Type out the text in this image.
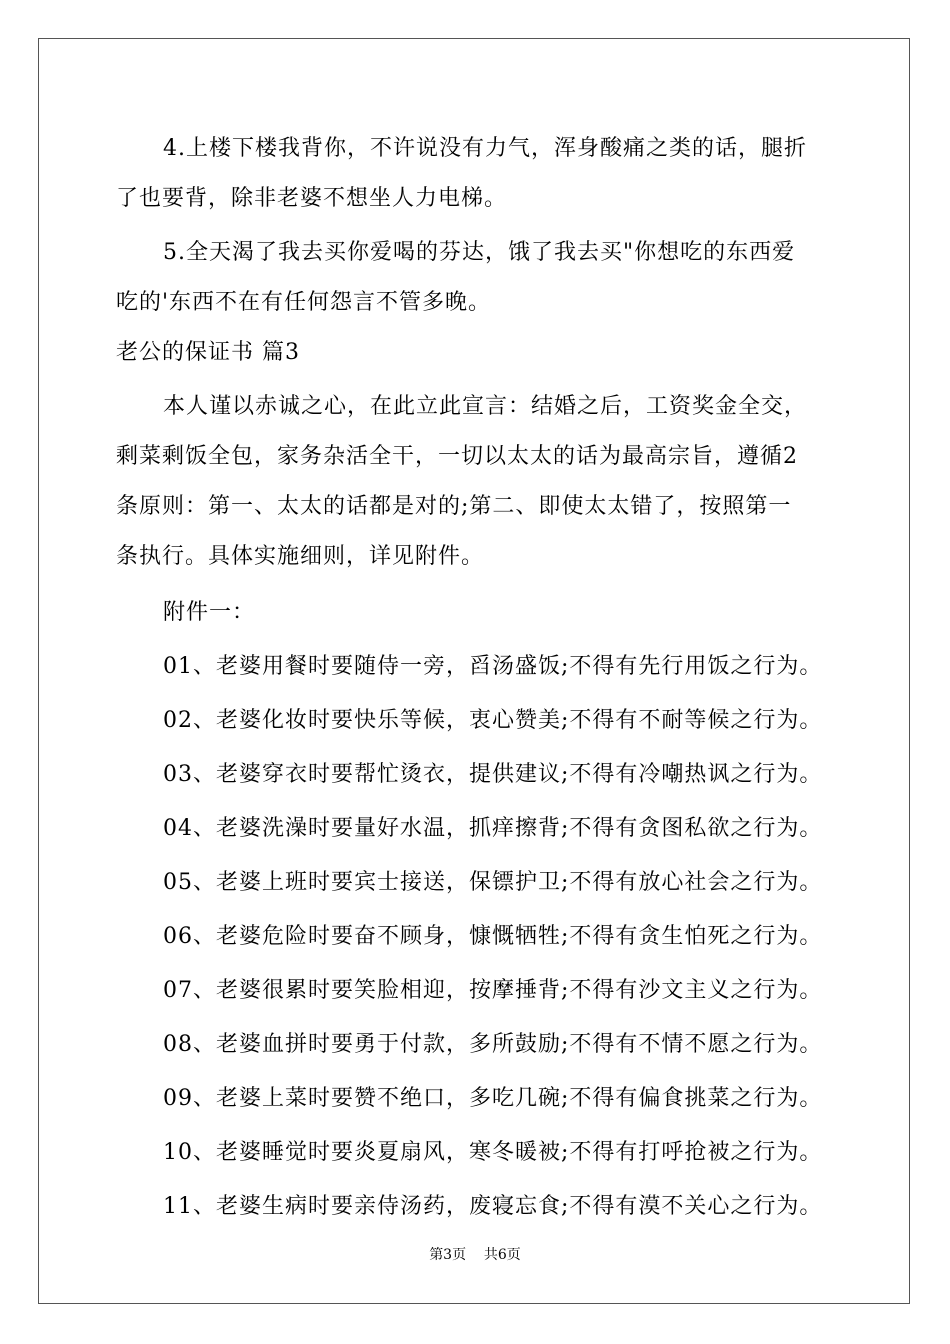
4.上楼下楼我背你，不许说没有力气，浑身酸痛之类的话，腿折

了也要背，除非老婆不想坐人力电梯。

5.全天渴了我去买你爱喝的芬达，饿了我去买"你想吃的东西爱

吃的'东西不在有任何怨言不管多晚。

老公的保证书 篇3

本人谨以赤诚之心，在此立此宣言：结婚之后，工资奖金全交，

剩菜剩饭全包，家务杂活全干，一切以太太的话为最高宗旨，遵循2

条原则：第一、太太的话都是对的;第二、即使太太错了，按照第一

条执行。具体实施细则，详见附件。

附件一：

01、老婆用餐时要随侍一旁，舀汤盛饭;不得有先行用饭之行为。

02、老婆化妆时要快乐等候，衷心赞美;不得有不耐等候之行为。

03、老婆穿衣时要帮忙烫衣，提供建议;不得有冷嘲热讽之行为。

04、老婆洗澡时要量好水温，抓痒擦背;不得有贪图私欲之行为。

05、老婆上班时要宾士接送，保镖护卫;不得有放心社会之行为。

06、老婆危险时要奋不顾身，慷慨牺牲;不得有贪生怕死之行为。

07、老婆很累时要笑脸相迎，按摩捶背;不得有沙文主义之行为。

08、老婆血拼时要勇于付款，多所鼓励;不得有不情不愿之行为。

09、老婆上菜时要赞不绝口，多吃几碗;不得有偏食挑菜之行为。

10、老婆睡觉时要炎夏扇风，寒冬暖被;不得有打呼抢被之行为。

11、老婆生病时要亲侍汤药，废寝忘食;不得有漠不关心之行为。

第3页    共6页
